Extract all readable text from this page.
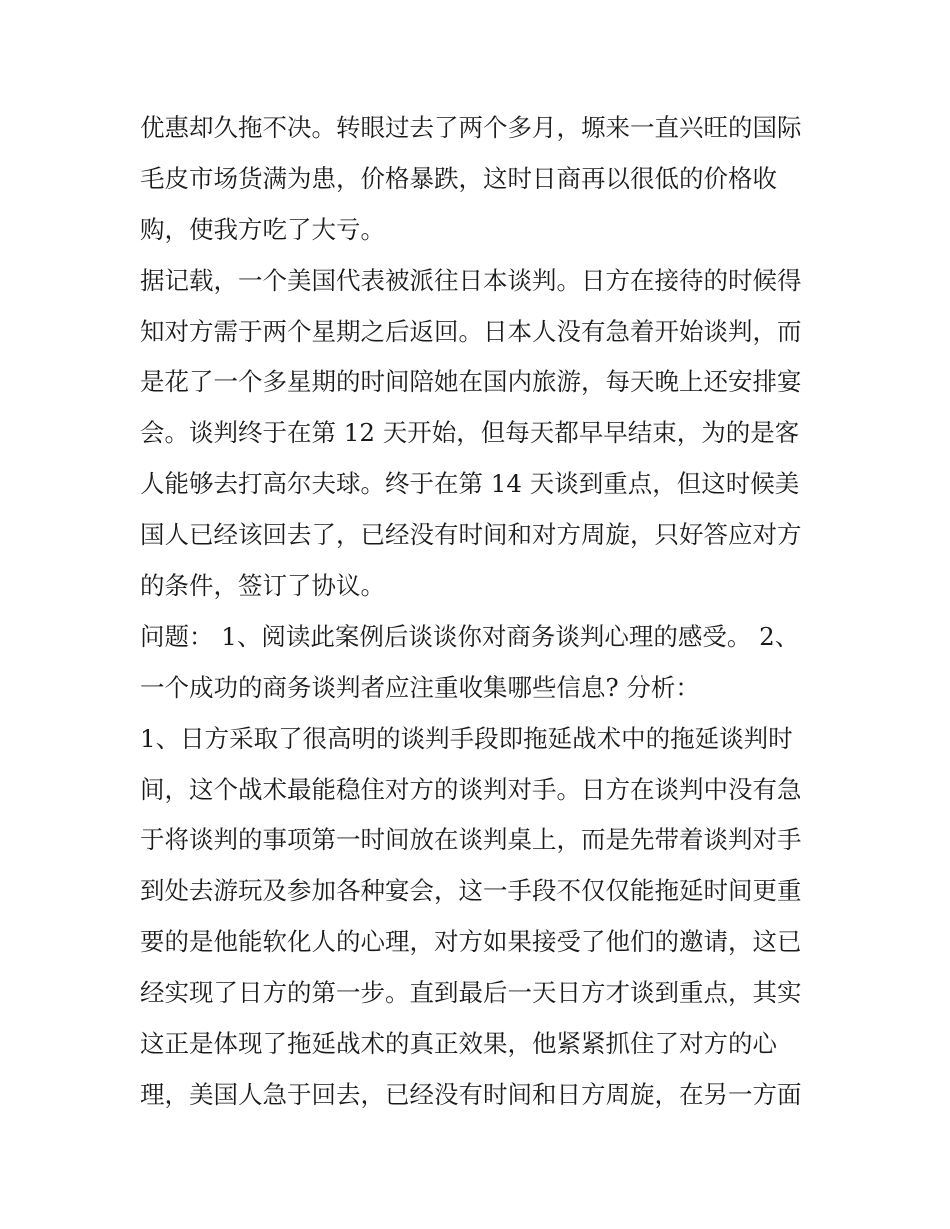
优惠却久拖不决。转眼过去了两个多月，塬来一直兴旺的国际
毛皮市场货满为患，价格暴跌，这时日商再以很低的价格收
购，使我方吃了大亏。
据记载，一个美国代表被派往日本谈判。日方在接待的时候得
知对方需于两个星期之后返回。日本人没有急着开始谈判，而
是花了一个多星期的时间陪她在国内旅游，每天晚上还安排宴
会。谈判终于在第 12 天开始，但每天都早早结束，为的是客
人能够去打高尔夫球。终于在第 14 天谈到重点，但这时候美
国人已经该回去了，已经没有时间和对方周旋，只好答应对方
的条件，签订了协议。
问题： 1、阅读此案例后谈谈你对商务谈判心理的感受。 2、
一个成功的商务谈判者应注重收集哪些信息? 分析：
1、日方采取了很高明的谈判手段即拖延战术中的拖延谈判时
间，这个战术最能稳住对方的谈判对手。日方在谈判中没有急
于将谈判的事项第一时间放在谈判桌上，而是先带着谈判对手
到处去游玩及参加各种宴会，这一手段不仅仅能拖延时间更重
要的是他能软化人的心理，对方如果接受了他们的邀请，这已
经实现了日方的第一步。直到最后一天日方才谈到重点，其实
这正是体现了拖延战术的真正效果，他紧紧抓住了对方的心
理，美国人急于回去，已经没有时间和日方周旋，在另一方面
